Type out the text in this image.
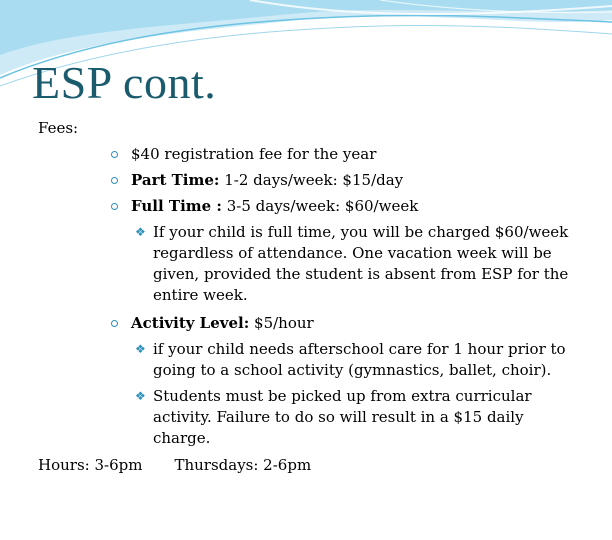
ESP cont.
Fees:
$40 registration fee for the year
Part Time: 1-2 days/week: $15/day
Full Time : 3-5 days/week: $60/week
❖ If your child is full time, you will be charged $60/week
regardless of attendance. One vacation week will be
given, provided the student is absent from ESP for the
entire week.
Activity Level: $5/hour
❖ if your child needs afterschool care for 1 hour prior to
going to a school activity (gymnastics, ballet, choir).
❖ Students must be picked up from extra curricular
activity. Failure to do so will result in a $15 daily
charge.
Hours: 3-6pm Thursdays: 2-6pm
